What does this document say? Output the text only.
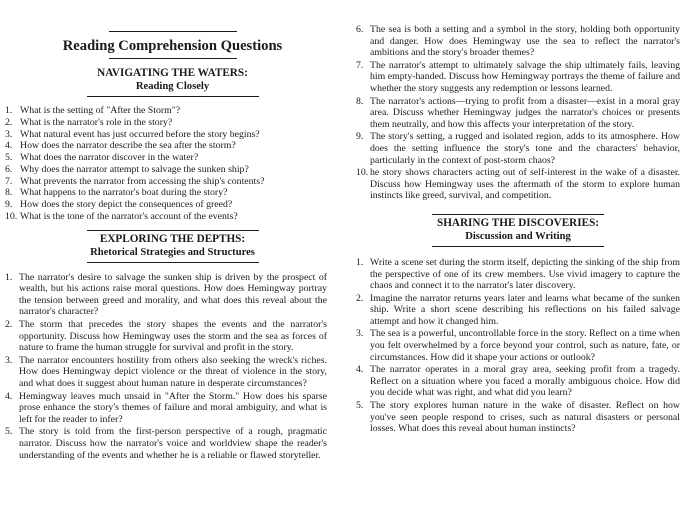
Reading Comprehension Questions
NAVIGATING THE WATERS:
Reading Closely
1. What is the setting of "After the Storm"?
2. What is the narrator's role in the story?
3. What natural event has just occurred before the story begins?
4. How does the narrator describe the sea after the storm?
5. What does the narrator discover in the water?
6. Why does the narrator attempt to salvage the sunken ship?
7. What prevents the narrator from accessing the ship's contents?
8. What happens to the narrator's boat during the story?
9. How does the story depict the consequences of greed?
10. What is the tone of the narrator's account of the events?
EXPLORING THE DEPTHS:
Rhetorical Strategies and Structures
1. The narrator's desire to salvage the sunken ship is driven by the prospect of wealth, but his actions raise moral questions. How does Hemingway portray the tension between greed and morality, and what does this reveal about the narrator's character?
2. The storm that precedes the story shapes the events and the narrator's opportunity. Discuss how Hemingway uses the storm and the sea as forces of nature to frame the human struggle for survival and profit in the story.
3. The narrator encounters hostility from others also seeking the wreck's riches. How does Hemingway depict violence or the threat of violence in the story, and what does it suggest about human nature in desperate circumstances?
4. Hemingway leaves much unsaid in "After the Storm." How does his sparse prose enhance the story's themes of failure and moral ambiguity, and what is left for the reader to infer?
5. The story is told from the first-person perspective of a rough, pragmatic narrator. Discuss how the narrator's voice and worldview shape the reader's understanding of the events and whether he is a reliable or flawed storyteller.
6. The sea is both a setting and a symbol in the story, holding both opportunity and danger. How does Hemingway use the sea to reflect the narrator's ambitions and the story's broader themes?
7. The narrator's attempt to ultimately salvage the ship ultimately fails, leaving him empty-handed. Discuss how Hemingway portrays the theme of failure and whether the story suggests any redemption or lessons learned.
8. The narrator's actions—trying to profit from a disaster—exist in a moral gray area. Discuss whether Hemingway judges the narrator's choices or presents them neutrally, and how this affects your interpretation of the story.
9. The story's setting, a rugged and isolated region, adds to its atmosphere. How does the setting influence the story's tone and the characters' behavior, particularly in the context of post-storm chaos?
10. he story shows characters acting out of self-interest in the wake of a disaster. Discuss how Hemingway uses the aftermath of the storm to explore human instincts like greed, survival, and competition.
SHARING THE DISCOVERIES:
Discussion and Writing
1. Write a scene set during the storm itself, depicting the sinking of the ship from the perspective of one of its crew members. Use vivid imagery to capture the chaos and connect it to the narrator's later discovery.
2. Imagine the narrator returns years later and learns what became of the sunken ship. Write a short scene describing his reflections on his failed salvage attempt and how it changed him.
3. The sea is a powerful, uncontrollable force in the story. Reflect on a time when you felt overwhelmed by a force beyond your control, such as nature, fate, or circumstances. How did it shape your actions or outlook?
4. The narrator operates in a moral gray area, seeking profit from a tragedy. Reflect on a situation where you faced a morally ambiguous choice. How did you decide what was right, and what did you learn?
5. The story explores human nature in the wake of disaster. Reflect on how you've seen people respond to crises, such as natural disasters or personal losses. What does this reveal about human instincts?
